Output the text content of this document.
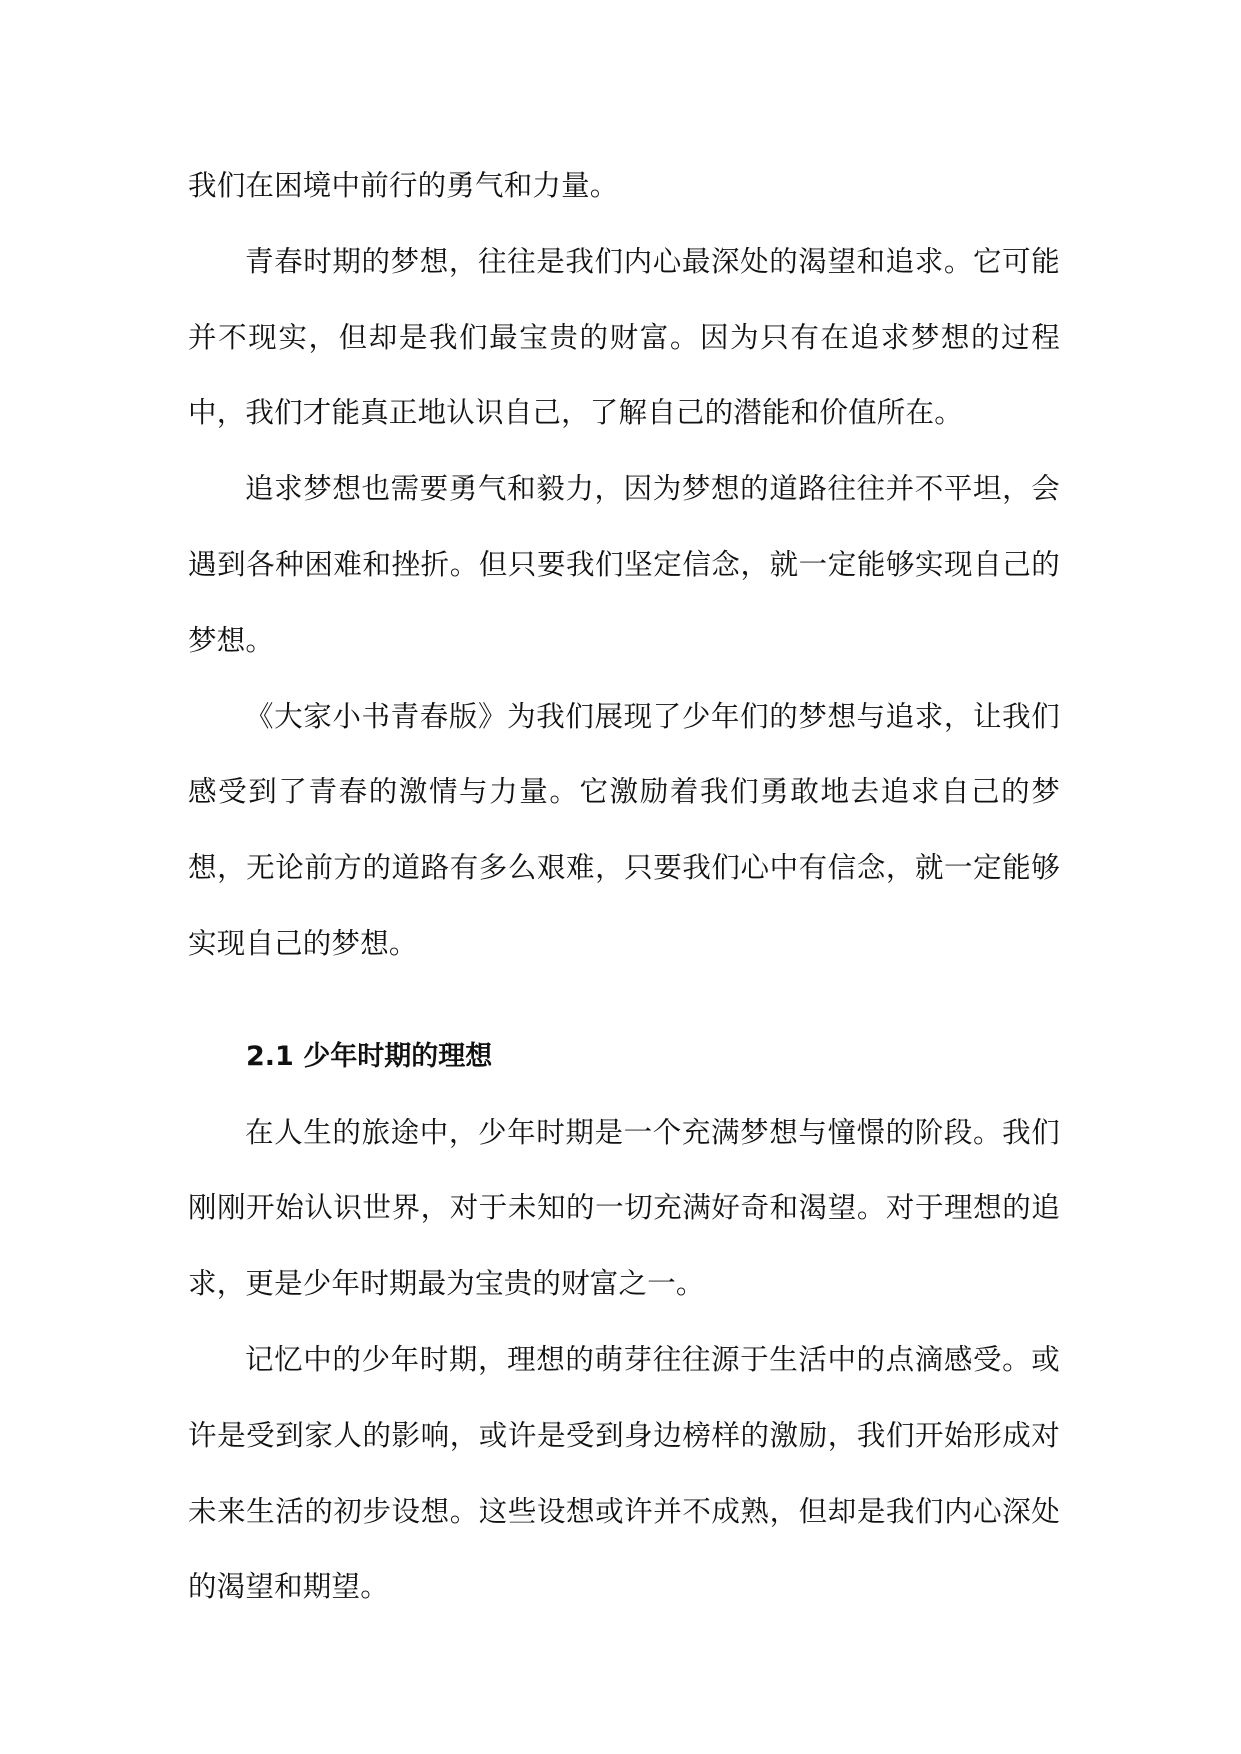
我们在困境中前行的勇气和力量。

青春时期的梦想，往往是我们内心最深处的渴望和追求。它可能并不现实，但却是我们最宝贵的财富。因为只有在追求梦想的过程中，我们才能真正地认识自己，了解自己的潜能和价值所在。

追求梦想也需要勇气和毅力，因为梦想的道路往往并不平坦，会遇到各种困难和挫折。但只要我们坚定信念，就一定能够实现自己的梦想。

《大家小书青春版》为我们展现了少年们的梦想与追求，让我们感受到了青春的激情与力量。它激励着我们勇敢地去追求自己的梦想，无论前方的道路有多么艰难，只要我们心中有信念，就一定能够实现自己的梦想。

2.1 少年时期的理想

在人生的旅途中，少年时期是一个充满梦想与憧憬的阶段。我们刚刚开始认识世界，对于未知的一切充满好奇和渴望。对于理想的追求，更是少年时期最为宝贵的财富之一。

记忆中的少年时期，理想的萌芽往往源于生活中的点滴感受。或许是受到家人的影响，或许是受到身边榜样的激励，我们开始形成对未来生活的初步设想。这些设想或许并不成熟，但却是我们内心深处的渴望和期望。
